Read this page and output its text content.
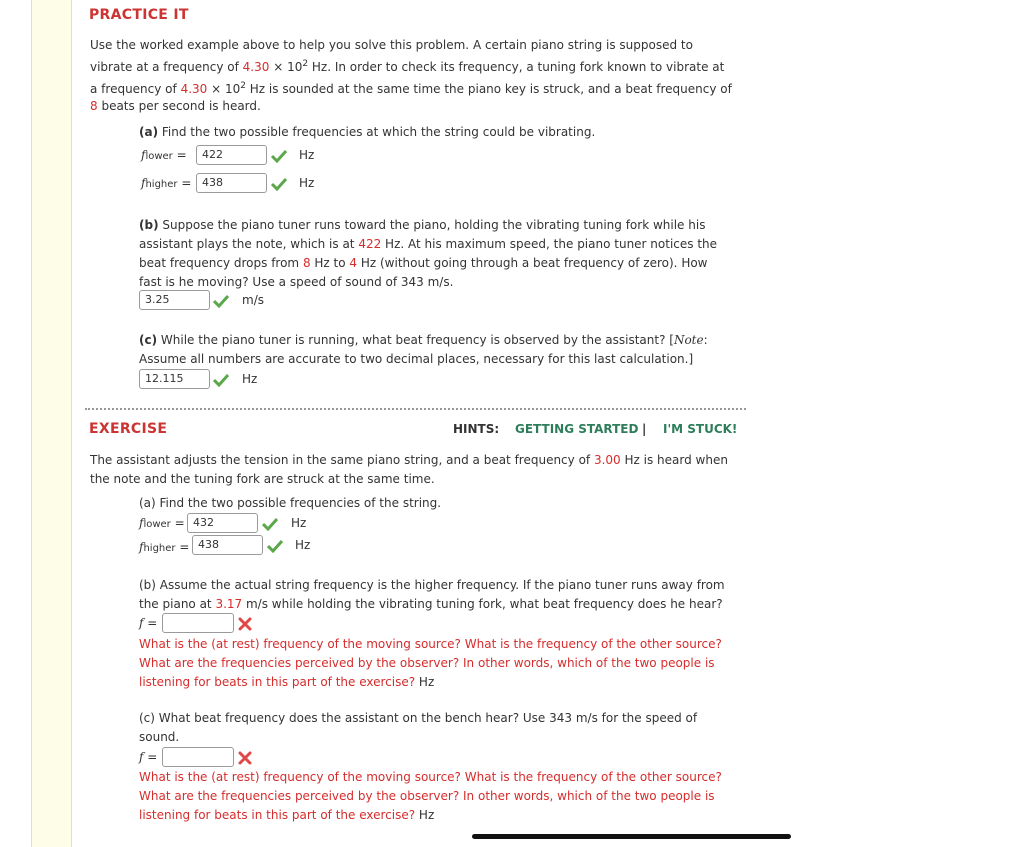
PRACTICE IT
Use the worked example above to help you solve this problem. A certain piano string is supposed to
vibrate at a frequency of $4.30 \times 10^2$ Hz. In order to check its frequency, a tuning fork known to vibrate at
a frequency of $4.30 \times 10^2$ Hz is sounded at the same time the piano key is struck, and a beat frequency of
8 beats per second is heard.
(a) Find the two possible frequencies at which the string could be vibrating.
flower =	422	Hz
fhigher = 438	Hz
(b) Suppose the piano tuner runs toward the piano, holding the vibrating tuning fork while his
assistant plays the note, which is at 422 Hz. At his maximum speed, the piano tuner notices the
beat frequency drops from 8 Hz to 4 Hz (without going through a beat frequency of zero). How
fast is he moving? Use a speed of sound of 343 m/s.
3.25	m/s
(c) While the piano tuner is running, what beat frequency is observed by the assistant? [Note:
Assume all numbers are accurate to two decimal places, necessary for this last calculation.]
12.115	Hz
EXERCISE	HINTS: GETTING STARTED | I'M STUCK!
The assistant adjusts the tension in the same piano string, and a beat frequency of 3.00 Hz is heard when
the note and the tuning fork are struck at the same time.
(a) Find the two possible frequencies of the string.
flower = 432	Hz
fhigher = 438	Hz
(b) Assume the actual string frequency is the higher frequency. If the piano tuner runs away from
the piano at 3.17 m/s while holding the vibrating tuning fork, what beat frequency does he hear?
f =
What is the (at rest) frequency of the moving source? What is the frequency of the other source?
What are the frequencies perceived by the observer? In other words, which of the two people is
listening for beats in this part of the exercise? Hz
(c) What beat frequency does the assistant on the bench hear? Use 343 m/s for the speed of
sound.
f =
What is the (at rest) frequency of the moving source? What is the frequency of the other source?
What are the frequencies perceived by the observer? In other words, which of the two people is
listening for beats in this part of the exercise? Hz
